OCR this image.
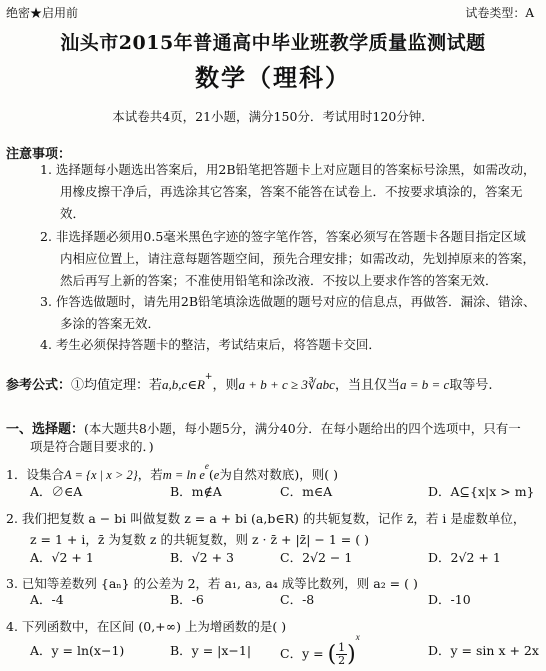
绝密★启用前	试卷类型：A
汕头市2015年普通高中毕业班教学质量监测试题
数学（理科）
本试卷共4页，21小题，满分150分．考试用时120分钟．
注意事项：
1. 选择题每小题选出答案后，用2B铅笔把答题卡上对应题目的答案标号涂黑，如需改动，
用橡皮擦干净后，再选涂其它答案，答案不能答在试卷上．不按要求填涂的，答案无
效．
2. 非选择题必须用0.5毫米黑色字迹的签字笔作答，答案必须写在答题卡各题目指定区域
内相应位置上，请注意每题答题空间，预先合理安排；如需改动，先划掉原来的答案，
然后再写上新的答案；不准使用铅笔和涂改液．不按以上要求作答的答案无效．
3. 作答选做题时，请先用2B铅笔填涂选做题的题号对应的信息点，再做答．漏涂、错涂、
多涂的答案无效．
4. 考生必须保持答题卡的整洁，考试结束后，将答题卡交回．
参考公式：①均值定理：若a,b,c∈R+，则a + b + c ≥ 3∛abc，当且仅当a = b = c取等号.
一、选择题：(本大题共8小题，每小题5分，满分40分．在每小题给出的四个选项中，只有一
项是符合题目要求的．)
1．设集合A = {x | x > 2}，若$m = \ln e^e(e$为自然对数底)，则( )
A．∅∈A	B．m∉A	C．m∈A	D．A⊆{x|x > m}
2. 我们把复数 a − bi 叫做复数 z = a + bi (a,b∈R) 的共轭复数，记作 z̄，若 i 是虚数单位，
z = 1 + i，z̄ 为复数 z 的共轭复数，则 z · z̄ + |z̄| − 1 = ( )
A．√2 + 1	B．√2 + 3	C．2√2 − 1	D．2√2 + 1
3. 已知等差数列 {aₙ} 的公差为 2，若 a₁, a₃, a₄ 成等比数列，则 a₂ = ( )
A．-4	B．-6	C．-8	D．-10
4. 下列函数中，在区间 (0,+∞) 上为增函数的是( )
A．y = ln(x−1)	B．y = |x−1| C．y = ( $\frac{1}{2} )^x$
D．y = sin x + 2x
